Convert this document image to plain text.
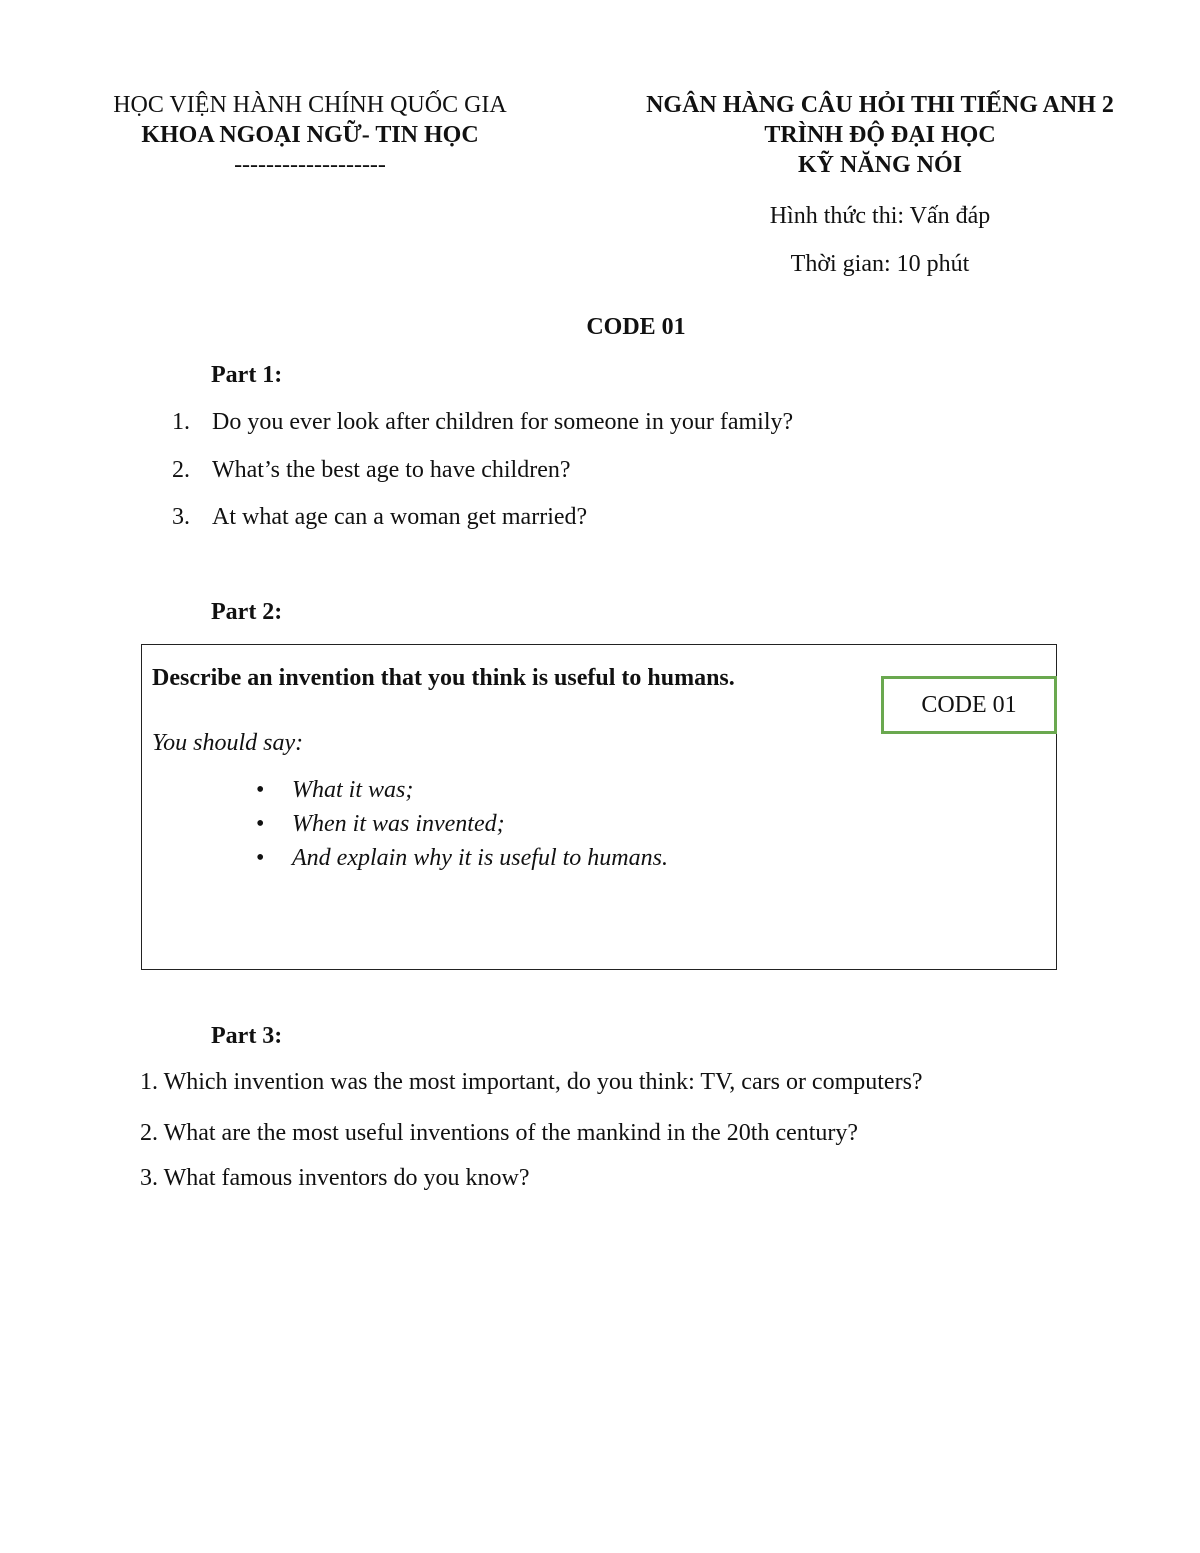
HỌC VIỆN HÀNH CHÍNH QUỐC GIA
KHOA NGOẠI NGỮ- TIN HỌC
-------------------
NGÂN HÀNG CÂU HỎI THI TIẾNG ANH 2
TRÌNH ĐỘ ĐẠI HỌC
KỸ NĂNG NÓI
Hình thức thi: Vấn đáp
Thời gian: 10 phút
CODE 01
Part 1:
1. Do you ever look after children for someone in your family?
2. What’s the best age to have children?
3. At what age can a woman get married?
Part 2:
Describe an invention that you think is useful to humans.
CODE 01
You should say:
• What it was;
• When it was invented;
• And explain why it is useful to humans.
Part 3:
1. Which invention was the most important, do you think: TV, cars or computers?
2. What are the most useful inventions of the mankind in the 20th century?
3. What famous inventors do you know?
